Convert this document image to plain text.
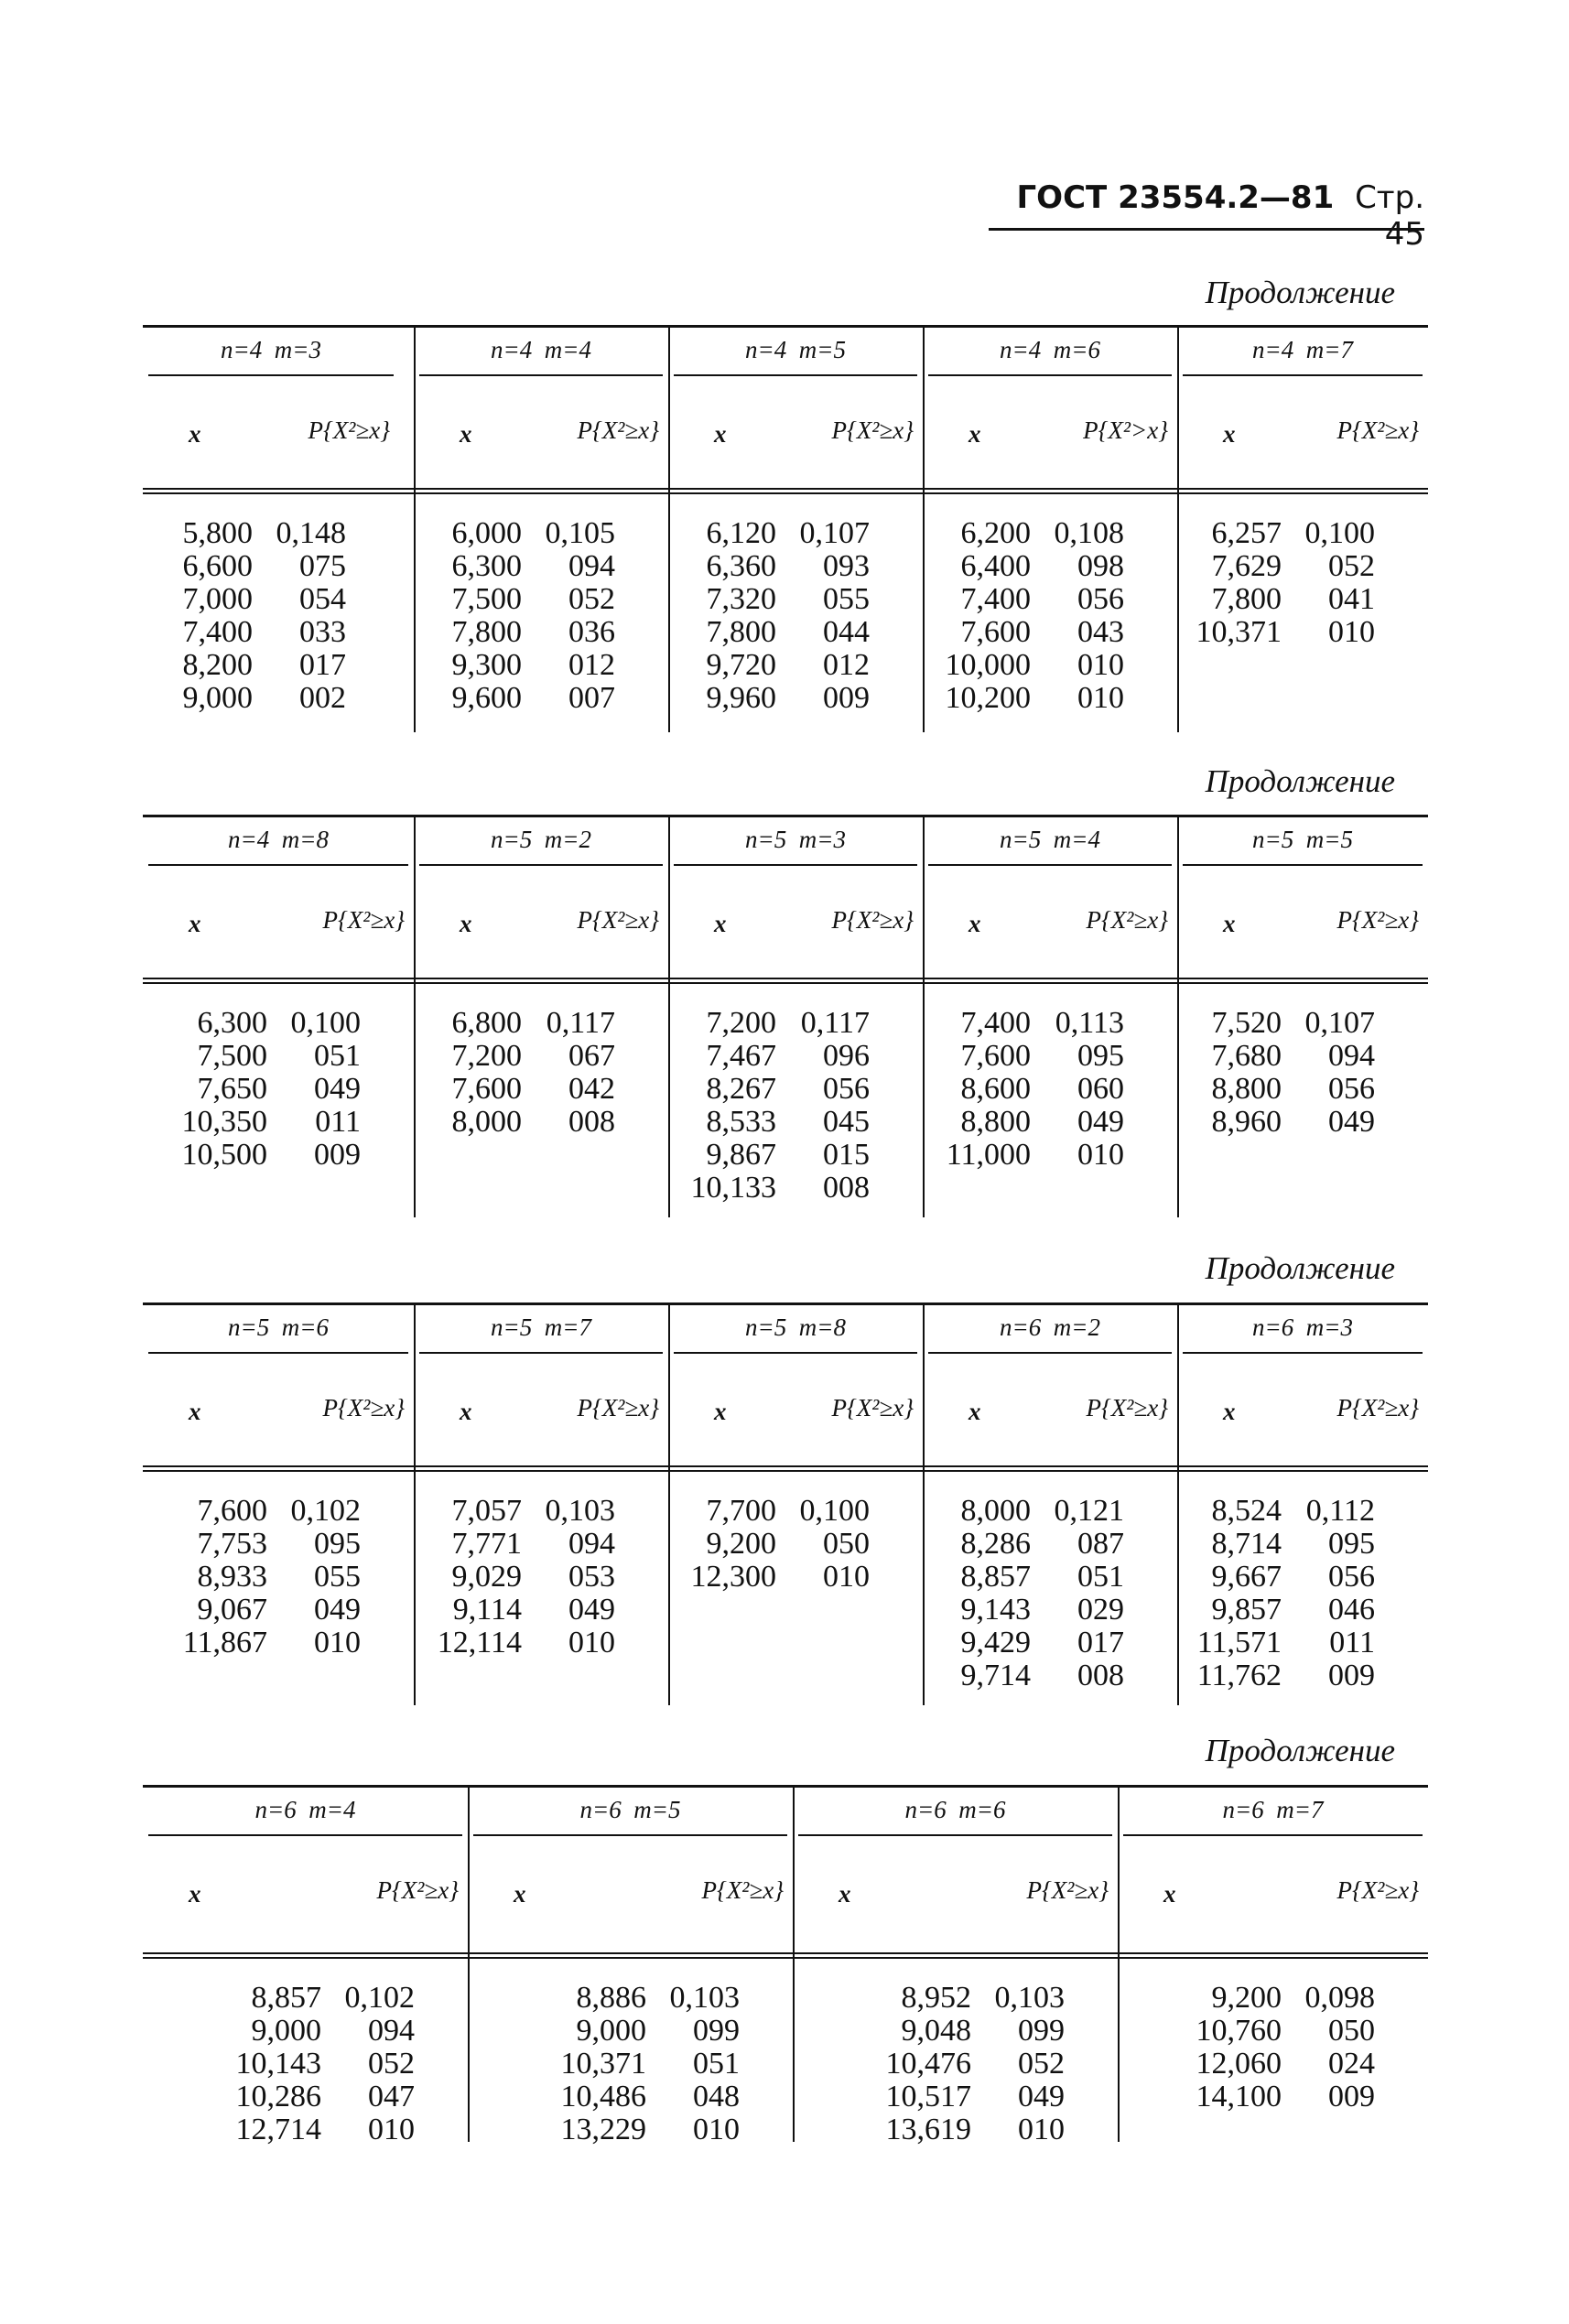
ГОСТ 23554.2—81 Стр. 45
Продолжение
Продолжение
Продолжение
Продолжение
n=4 m=3
x	P{X²≥x}
5,800 0,148
6,600 075
7,000 054
7,400 033
8,200 017
9,000 002
n=4 m=4
x	P{X²≥x}
6,000 0,105
6,300 094
7,500 052
7,800 036
9,300 012
9,600 007
n=4 m=5
x	P{X²≥x}
6,120 0,107
6,360 093
7,320 055
7,800 044
9,720 012
9,960 009
n=4 m=6
x	P{X²>x}
6,200 0,108
6,400 098
7,400 056
7,600 043
10,000 010
10,200 010
n=4 m=7
x	P{X²≥x}
6,257 0,100
7,629 052
7,800 041
10,371 010
n=4 m=8
x	P{X²≥x}
6,300 0,100
7,500 051
7,650 049
10,350 011
10,500 009
n=5 m=2
x	P{X²≥x}
6,800 0,117
7,200 067
7,600 042
8,000 008
n=5 m=3
x	P{X²≥x}
7,200 0,117
7,467 096
8,267 056
8,533 045
9,867 015
10,133 008
n=5 m=4
x	P{X²≥x}
7,400 0,113
7,600 095
8,600 060
8,800 049
11,000 010
n=5 m=5
x	P{X²≥x}
7,520 0,107
7,680 094
8,800 056
8,960 049
n=5 m=6
x	P{X²≥x}
7,600 0,102
7,753 095
8,933 055
9,067 049
11,867 010
n=5 m=7
x	P{X²≥x}
7,057 0,103
7,771 094
9,029 053
9,114 049
12,114 010
n=5 m=8
x	P{X²≥x}
7,700 0,100
9,200 050
12,300 010
n=6 m=2
x	P{X²≥x}
8,000 0,121
8,286 087
8,857 051
9,143 029
9,429 017
9,714 008
n=6 m=3
x	P{X²≥x}
8,524 0,112
8,714 095
9,667 056
9,857 046
11,571 011
11,762 009
n=6 m=4
x	P{X²≥x}
8,857 0,102
9,000 094
10,143 052
10,286 047
12,714 010
n=6 m=5
x	P{X²≥x}
8,886 0,103
9,000 099
10,371 051
10,486 048
13,229 010
n=6 m=6
x	P{X²≥x}
8,952 0,103
9,048 099
10,476 052
10,517 049
13,619 010
n=6 m=7
x	P{X²≥x}
9,200 0,098
10,760 050
12,060 024
14,100 009
